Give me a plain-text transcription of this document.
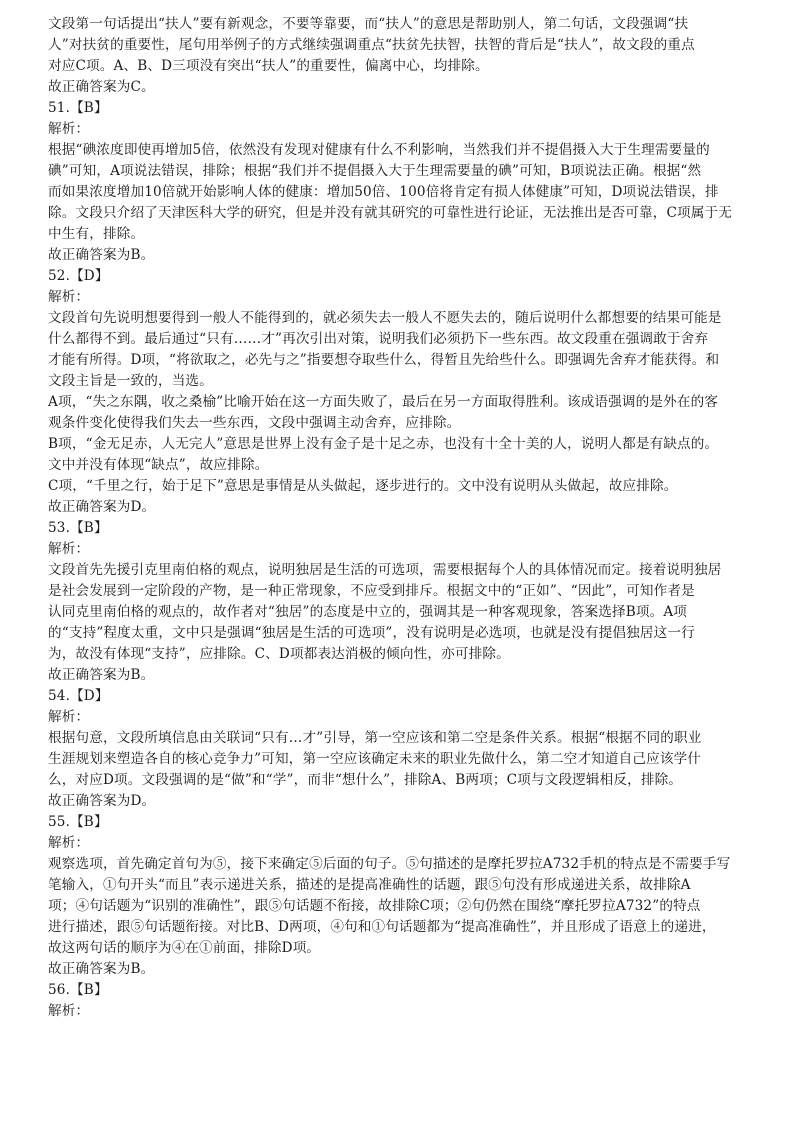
文段第一句话提出“扶人”要有新观念，不要等靠要，而“扶人”的意思是帮助别人，第二句话，文段强调“扶
人”对扶贫的重要性，尾句用举例子的方式继续强调重点“扶贫先扶智，扶智的背后是“扶人”，故文段的重点
对应C项。A、B、D三项没有突出“扶人”的重要性，偏离中心，均排除。
故正确答案为C。
51.【B】
解析：
根据“碘浓度即使再增加5倍，依然没有发现对健康有什么不利影响，当然我们并不提倡摄入大于生理需要量的
碘”可知，A项说法错误，排除；根据“我们并不提倡摄入大于生理需要量的碘”可知，B项说法正确。根据“然
而如果浓度增加10倍就开始影响人体的健康：增加50倍、100倍将肯定有损人体健康”可知，D项说法错误，排
除。文段只介绍了天津医科大学的研究，但是并没有就其研究的可靠性进行论证，无法推出是否可靠，C项属于无
中生有，排除。
故正确答案为B。
52.【D】
解析：
文段首句先说明想要得到一般人不能得到的，就必须失去一般人不愿失去的，随后说明什么都想要的结果可能是
什么都得不到。最后通过“只有……才”再次引出对策，说明我们必须扔下一些东西。故文段重在强调敢于舍弃
才能有所得。D项，“将欲取之，必先与之”指要想夺取些什么，得暂且先给些什么。即强调先舍弃才能获得。和
文段主旨是一致的，当选。
A项，“失之东隅，收之桑榆”比喻开始在这一方面失败了，最后在另一方面取得胜利。该成语强调的是外在的客
观条件变化使得我们失去一些东西，文段中强调主动舍弃，应排除。
B项，“金无足赤，人无完人”意思是世界上没有金子是十足之赤，也没有十全十美的人，说明人都是有缺点的。
文中并没有体现“缺点”，故应排除。
C项，“千里之行，始于足下”意思是事情是从头做起，逐步进行的。文中没有说明从头做起，故应排除。
故正确答案为D。
53.【B】
解析：
文段首先先援引克里南伯格的观点，说明独居是生活的可选项，需要根据每个人的具体情况而定。接着说明独居
是社会发展到一定阶段的产物，是一种正常现象，不应受到排斥。根据文中的“正如”、“因此”，可知作者是
认同克里南伯格的观点的，故作者对“独居”的态度是中立的，强调其是一种客观现象，答案选择B项。A项
的“支持”程度太重，文中只是强调“独居是生活的可选项”，没有说明是必选项，也就是没有提倡独居这一行
为，故没有体现“支持”，应排除。C、D项都表达消极的倾向性，亦可排除。
故正确答案为B。
54.【D】
解析：
根据句意，文段所填信息由关联词“只有…才”引导，第一空应该和第二空是条件关系。根据“根据不同的职业
生涯规划来塑造各自的核心竞争力”可知，第一空应该确定未来的职业先做什么，第二空才知道自己应该学什
么，对应D项。文段强调的是“做”和“学”，而非“想什么”，排除A、B两项；C项与文段逻辑相反，排除。
故正确答案为D。
55.【B】
解析：
观察选项，首先确定首句为⑤，接下来确定⑤后面的句子。⑤句描述的是摩托罗拉A732手机的特点是不需要手写
笔输入，①句开头“而且”表示递进关系，描述的是提高准确性的话题，跟⑤句没有形成递进关系，故排除A
项；④句话题为“识别的准确性”，跟⑤句话题不衔接，故排除C项；②句仍然在围绕“摩托罗拉A732”的特点
进行描述，跟⑤句话题衔接。对比B、D两项，④句和①句话题都为“提高准确性”，并且形成了语意上的递进，
故这两句话的顺序为④在①前面，排除D项。
故正确答案为B。
56.【B】
解析：
